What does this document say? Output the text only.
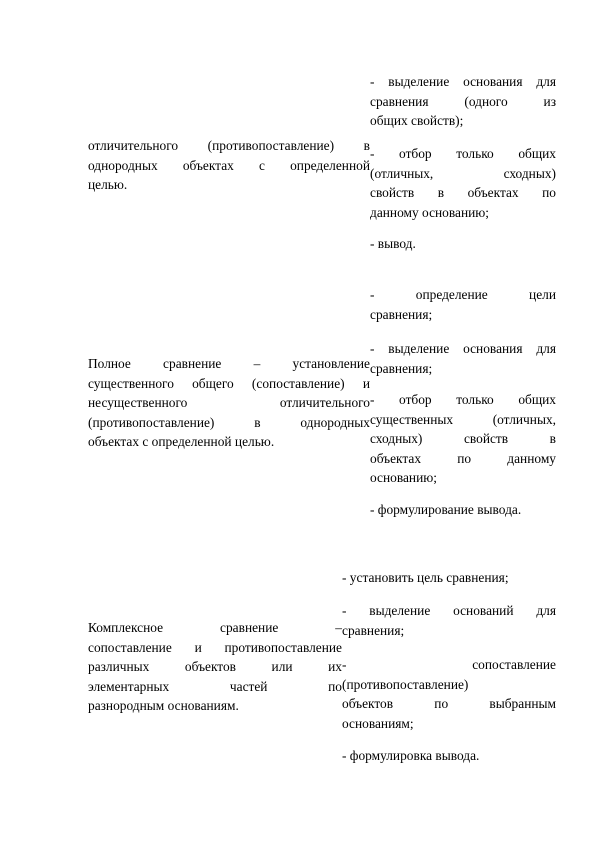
отличительного (противопоставление) в
однородных объектах с определенной
целью.
- выделение основания для
сравнения (одного из
общих свойств);
- отбор только общих
(отличных, сходных)
свойств в объектах по
данному основанию;
- вывод.
Полное сравнение – установление
существенного общего (сопоставление) и
несущественного отличительного
(противопоставление) в однородных
объектах с определенной целью.
- определение цели
сравнения;
- выделение основания для
сравнения;
- отбор только общих
существенных (отличных,
сходных) свойств в
объектах по данному
основанию;
- формулирование вывода.
Комплексное сравнение –
сопоставление и противопоставление
различных объектов или их
элементарных частей по
разнородным основаниям.
- установить цель сравнения;
- выделение оснований для
сравнения;
- сопоставление
(противопоставление)
объектов по выбранным
основаниям;
- формулировка вывода.
